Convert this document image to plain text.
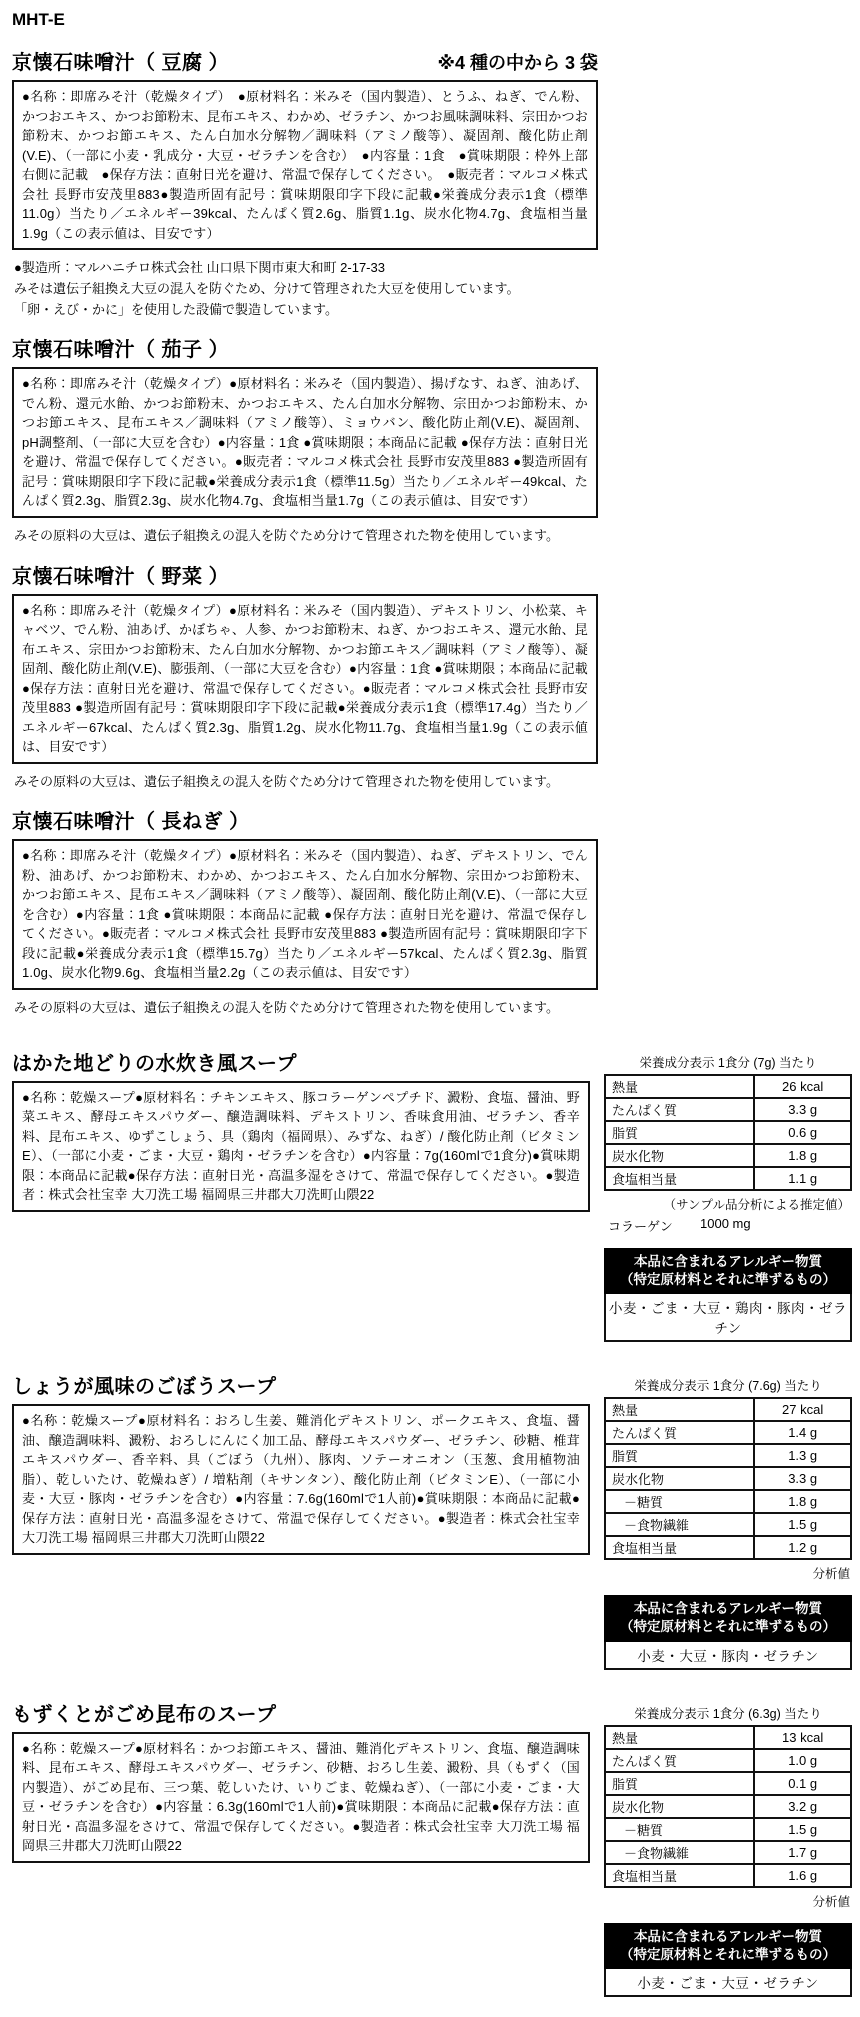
MHT-E
京懐石味噌汁（ 豆腐 ）	※4 種の中から 3 袋
●名称：即席みそ汁（乾燥タイプ）　●原材料名：米みそ（国内製造）、とうふ、ねぎ、でん粉、かつおエキス、かつお節粉末、昆布エキス、わかめ、ゼラチン、かつお風味調味料、宗田かつお節粉末、かつお節エキス、たん白加水分解物／調味料（アミノ酸等）、凝固剤、酸化防止剤(V.E)、（一部に小麦・乳成分・大豆・ゼラチンを含む）　●内容量：1食　●賞味期限：枠外上部右側に記載　●保存方法：直射日光を避け、常温で保存してください。　●販売者：マルコメ株式会社 長野市安茂里883●製造所固有記号：賞味期限印字下段に記載●栄養成分表示1食（標準11.0g）当たり／エネルギー39kcal、たんぱく質2.6g、脂質1.1g、炭水化物4.7g、食塩相当量1.9g（この表示値は、目安です）
●製造所：マルハニチロ株式会社 山口県下関市東大和町 2-17-33
みそは遺伝子組換え大豆の混入を防ぐため、分けて管理された大豆を使用しています。
「卵・えび・かに」を使用した設備で製造しています。
京懐石味噌汁（ 茄子 ）
●名称：即席みそ汁（乾燥タイプ）●原材料名：米みそ（国内製造）、揚げなす、ねぎ、油あげ、でん粉、還元水飴、かつお節粉末、かつおエキス、たん白加水分解物、宗田かつお節粉末、かつお節エキス、昆布エキス／調味料（アミノ酸等）、ミョウバン、酸化防止剤(V.E)、凝固剤、pH調整剤、（一部に大豆を含む）●内容量：1食 ●賞味期限；本商品に記載 ●保存方法：直射日光を避け、常温で保存してください。●販売者：マルコメ株式会社 長野市安茂里883 ●製造所固有記号：賞味期限印字下段に記載●栄養成分表示1食（標準11.5g）当たり／エネルギー49kcal、たんぱく質2.3g、脂質2.3g、炭水化物4.7g、食塩相当量1.7g（この表示値は、目安です）
みその原料の大豆は、遺伝子組換えの混入を防ぐため分けて管理された物を使用しています。
京懐石味噌汁（ 野菜 ）
●名称：即席みそ汁（乾燥タイプ）●原材料名：米みそ（国内製造）、デキストリン、小松菜、キャベツ、でん粉、油あげ、かぼちゃ、人参、かつお節粉末、ねぎ、かつおエキス、還元水飴、昆布エキス、宗田かつお節粉末、たん白加水分解物、かつお節エキス／調味料（アミノ酸等）、凝固剤、酸化防止剤(V.E)、膨張剤、（一部に大豆を含む）●内容量：1食 ●賞味期限；本商品に記載 ●保存方法：直射日光を避け、常温で保存してください。●販売者：マルコメ株式会社 長野市安茂里883 ●製造所固有記号：賞味期限印字下段に記載●栄養成分表示1食（標準17.4g）当たり／エネルギー67kcal、たんぱく質2.3g、脂質1.2g、炭水化物11.7g、食塩相当量1.9g（この表示値は、目安です）
みその原料の大豆は、遺伝子組換えの混入を防ぐため分けて管理された物を使用しています。
京懐石味噌汁（ 長ねぎ ）
●名称：即席みそ汁（乾燥タイプ）●原材料名：米みそ（国内製造）、ねぎ、デキストリン、でん粉、油あげ、かつお節粉末、わかめ、かつおエキス、たん白加水分解物、宗田かつお節粉末、かつお節エキス、昆布エキス／調味料（アミノ酸等）、凝固剤、酸化防止剤(V.E)、（一部に大豆を含む）●内容量：1食 ●賞味期限：本商品に記載 ●保存方法：直射日光を避け、常温で保存してください。●販売者：マルコメ株式会社 長野市安茂里883 ●製造所固有記号：賞味期限印字下段に記載●栄養成分表示1食（標準15.7g）当たり／エネルギー57kcal、たんぱく質2.3g、脂質1.0g、炭水化物9.6g、食塩相当量2.2g（この表示値は、目安です）
みその原料の大豆は、遺伝子組換えの混入を防ぐため分けて管理された物を使用しています。
はかた地どりの水炊き風スープ
●名称：乾燥スープ●原材料名：チキンエキス、豚コラーゲンペプチド、澱粉、食塩、醤油、野菜エキス、酵母エキスパウダー、醸造調味料、デキストリン、香味食用油、ゼラチン、香辛料、昆布エキス、ゆずこしょう、具（鶏肉（福岡県）、みずな、ねぎ）/ 酸化防止剤（ビタミンE）、（一部に小麦・ごま・大豆・鶏肉・ゼラチンを含む）●内容量：7g(160mlで1食分)●賞味期限：本商品に記載●保存方法：直射日光・高温多湿をさけて、常温で保存してください。●製造者：株式会社宝幸 大刀洗工場 福岡県三井郡大刀洗町山隈22
栄養成分表示 1食分 (7g) 当たり
熱量	26 kcal
たんぱく質	3.3 g
脂質	0.6 g
炭水化物	1.8 g
食塩相当量	1.1 g
（サンプル品分析による推定値）
コラーゲン	1000 mg
本品に含まれるアレルギー物質
（特定原材料とそれに準ずるもの）
小麦・ごま・大豆・鶏肉・豚肉・ゼラチン
しょうが風味のごぼうスープ
●名称：乾燥スープ●原材料名：おろし生姜、難消化デキストリン、ポークエキス、食塩、醤油、醸造調味料、澱粉、おろしにんにく加工品、酵母エキスパウダー、ゼラチン、砂糖、椎茸エキスパウダー、香辛料、具（ごぼう（九州）、豚肉、ソテーオニオン（玉葱、食用植物油脂）、乾しいたけ、乾燥ねぎ）/ 増粘剤（キサンタン）、酸化防止剤（ビタミンE）、（一部に小麦・大豆・豚肉・ゼラチンを含む）●内容量：7.6g(160mlで1人前)●賞味期限：本商品に記載●保存方法：直射日光・高温多湿をさけて、常温で保存してください。●製造者：株式会社宝幸 大刀洗工場 福岡県三井郡大刀洗町山隈22
栄養成分表示 1食分 (7.6g) 当たり
熱量	27 kcal
たんぱく質	1.4 g
脂質	1.3 g
炭水化物	3.3 g
－糖質	1.8 g
－食物繊維	1.5 g
食塩相当量	1.2 g
分析値
本品に含まれるアレルギー物質
（特定原材料とそれに準ずるもの）
小麦・大豆・豚肉・ゼラチン
もずくとがごめ昆布のスープ
●名称：乾燥スープ●原材料名：かつお節エキス、醤油、難消化デキストリン、食塩、醸造調味料、昆布エキス、酵母エキスパウダー、ゼラチン、砂糖、おろし生姜、澱粉、具（もずく（国内製造）、がごめ昆布、三つ葉、乾しいたけ、いりごま、乾燥ねぎ）、（一部に小麦・ごま・大豆・ゼラチンを含む）●内容量：6.3g(160mlで1人前)●賞味期限：本商品に記載●保存方法：直射日光・高温多湿をさけて、常温で保存してください。●製造者：株式会社宝幸 大刀洗工場 福岡県三井郡大刀洗町山隈22
栄養成分表示 1食分 (6.3g) 当たり
熱量	13 kcal
たんぱく質	1.0 g
脂質	0.1 g
炭水化物	3.2 g
－糖質	1.5 g
－食物繊維	1.7 g
食塩相当量	1.6 g
分析値
本品に含まれるアレルギー物質
（特定原材料とそれに準ずるもの）
小麦・ごま・大豆・ゼラチン
